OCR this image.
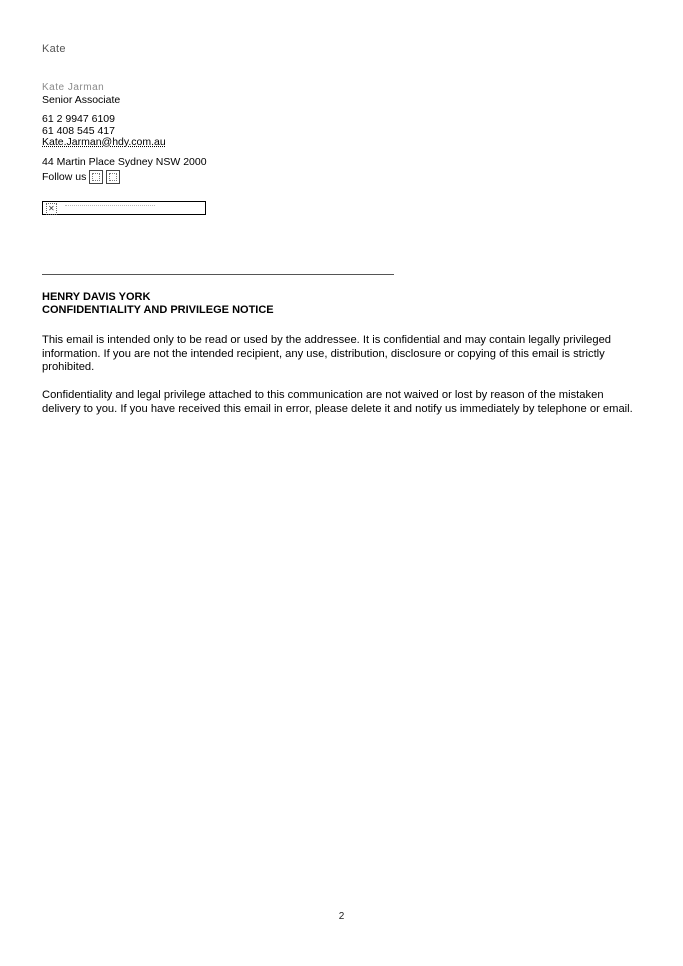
Kate
Kate Jarman
Senior Associate
61 2 9947 6109
61 408 545 417
Kate.Jarman@hdy.com.au
44 Martin Place Sydney NSW 2000
Follow us
✕
HENRY DAVIS YORK
CONFIDENTIALITY AND PRIVILEGE NOTICE
This email is intended only to be read or used by the addressee. It is confidential and may contain legally privileged information. If you are not the intended recipient, any use, distribution, disclosure or copying of this email is strictly prohibited.
Confidentiality and legal privilege attached to this communication are not waived or lost by reason of the mistaken delivery to you. If you have received this email in error, please delete it and notify us immediately by telephone or email.
2
